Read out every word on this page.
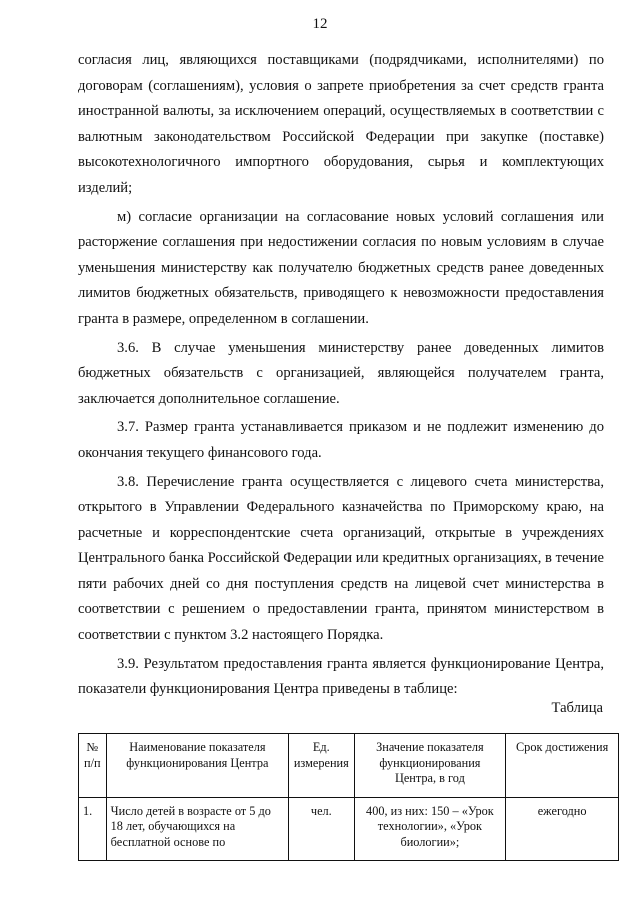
12

согласия лиц, являющихся поставщиками (подрядчиками, исполнителями) по договорам (соглашениям), условия о запрете приобретения за счет средств гранта иностранной валюты, за исключением операций, осуществляемых в соответствии с валютным законодательством Российской Федерации при закупке (поставке) высокотехнологичного импортного оборудования, сырья и комплектующих изделий;

м) согласие организации на согласование новых условий соглашения или расторжение соглашения при недостижении согласия по новым условиям в случае уменьшения министерству как получателю бюджетных средств ранее доведенных лимитов бюджетных обязательств, приводящего к невозможности предоставления гранта в размере, определенном в соглашении.

3.6. В случае уменьшения министерству ранее доведенных лимитов бюджетных обязательств с организацией, являющейся получателем гранта, заключается дополнительное соглашение.

3.7. Размер гранта устанавливается приказом и не подлежит изменению до окончания текущего финансового года.

3.8. Перечисление гранта осуществляется с лицевого счета министерства, открытого в Управлении Федерального казначейства по Приморскому краю, на расчетные и корреспондентские счета организаций, открытые в учреждениях Центрального банка Российской Федерации или кредитных организациях, в течение пяти рабочих дней со дня поступления средств на лицевой счет министерства в соответствии с решением о предоставлении гранта, принятом министерством в соответствии с пунктом 3.2 настоящего Порядка.

3.9. Результатом предоставления гранта является функционирование Центра, показатели функционирования Центра приведены в таблице:

Таблица
№ п/п	Наименование показателя функционирования Центра	Ед. измерения	Значение показателя функционирования Центра, в год	Срок достижения
1.	Число детей в возрасте от 5 до 18 лет, обучающихся на бесплатной основе по	чел.	400, из них: 150 – «Урок технологии», «Урок биологии»;	ежегодно
